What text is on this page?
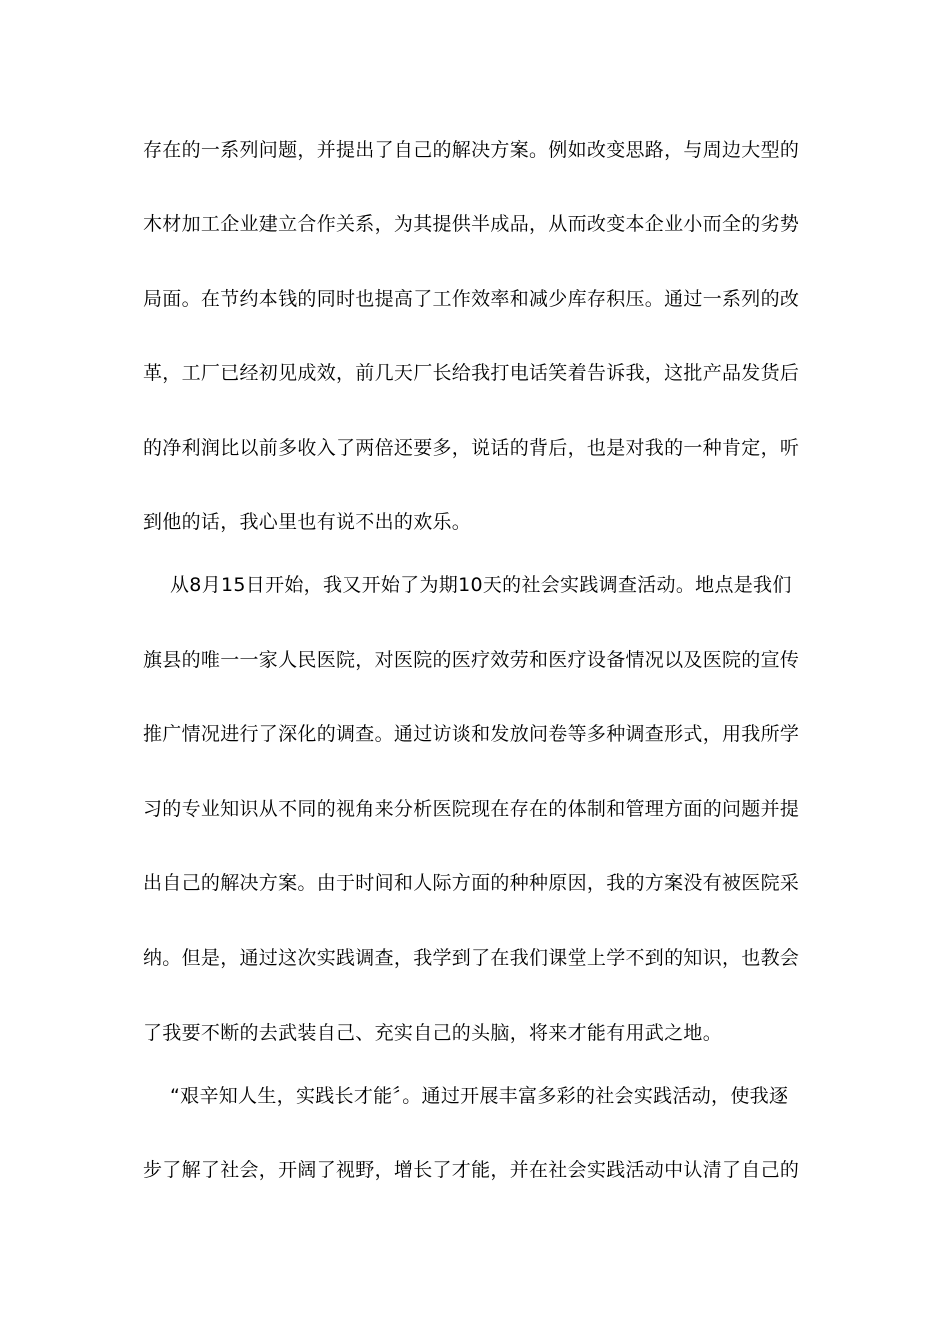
存在的一系列问题，并提出了自己的解决方案。例如改变思路，与周边大型的
木材加工企业建立合作关系，为其提供半成品，从而改变本企业小而全的劣势
局面。在节约本钱的同时也提高了工作效率和减少库存积压。通过一系列的改
革，工厂已经初见成效，前几天厂长给我打电话笑着告诉我，这批产品发货后
的净利润比以前多收入了两倍还要多，说话的背后，也是对我的一种肯定，听
到他的话，我心里也有说不出的欢乐。
从8月15日开始，我又开始了为期10天的社会实践调查活动。地点是我们
旗县的唯一一家人民医院，对医院的医疗效劳和医疗设备情况以及医院的宣传
推广情况进行了深化的调查。通过访谈和发放问卷等多种调查形式，用我所学
习的专业知识从不同的视角来分析医院现在存在的体制和管理方面的问题并提
出自己的解决方案。由于时间和人际方面的种种原因，我的方案没有被医院采
纳。但是，通过这次实践调查，我学到了在我们课堂上学不到的知识，也教会
了我要不断的去武装自己、充实自己的头脑，将来才能有用武之地。
“艰辛知人生，实践长才能〞。通过开展丰富多彩的社会实践活动，使我逐
步了解了社会，开阔了视野，增长了才能，并在社会实践活动中认清了自己的
